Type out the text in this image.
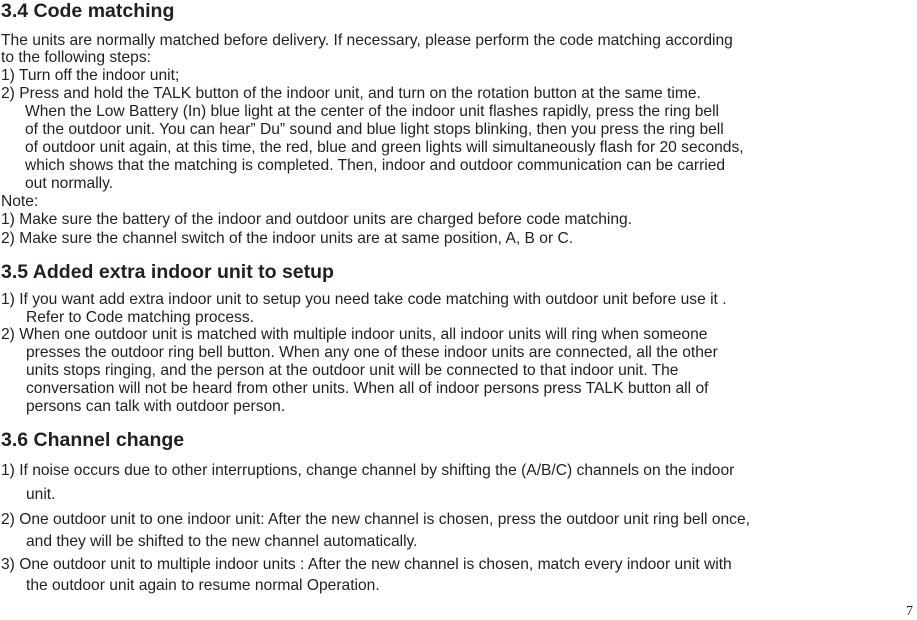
3.4 Code matching
The units are normally matched before delivery. If necessary, please perform the code matching according
to the following steps:
1) Turn off the indoor unit;
2) Press and hold the TALK button of the indoor unit, and turn on the rotation button at the same time.
When the Low Battery (In) blue light at the center of the indoor unit flashes rapidly, press the ring bell
of the outdoor unit. You can hear” Du” sound and blue light stops blinking, then you press the ring bell
of outdoor unit again, at this time, the red, blue and green lights will simultaneously flash for 20 seconds,
which shows that the matching is completed. Then, indoor and outdoor communication can be carried
out normally.
Note:
1) Make sure the battery of the indoor and outdoor units are charged before code matching.
2) Make sure the channel switch of the indoor units are at same position, A, B or C.
3.5 Added extra indoor unit to setup
1) If you want add extra indoor unit to setup you need take code matching with outdoor unit before use it .
Refer to Code matching process.
2) When one outdoor unit is matched with multiple indoor units, all indoor units will ring when someone
presses the outdoor ring bell button. When any one of these indoor units are connected, all the other
units stops ringing, and the person at the outdoor unit will be connected to that indoor unit. The
conversation will not be heard from other units. When all of indoor persons press TALK button all of
persons can talk with outdoor person.
3.6 Channel change
1) If noise occurs due to other interruptions, change channel by shifting the (A/B/C) channels on the indoor
unit.
2) One outdoor unit to one indoor unit: After the new channel is chosen, press the outdoor unit ring bell once,
and they will be shifted to the new channel automatically.
3) One outdoor unit to multiple indoor units : After the new channel is chosen, match every indoor unit with
the outdoor unit again to resume normal Operation.
7
